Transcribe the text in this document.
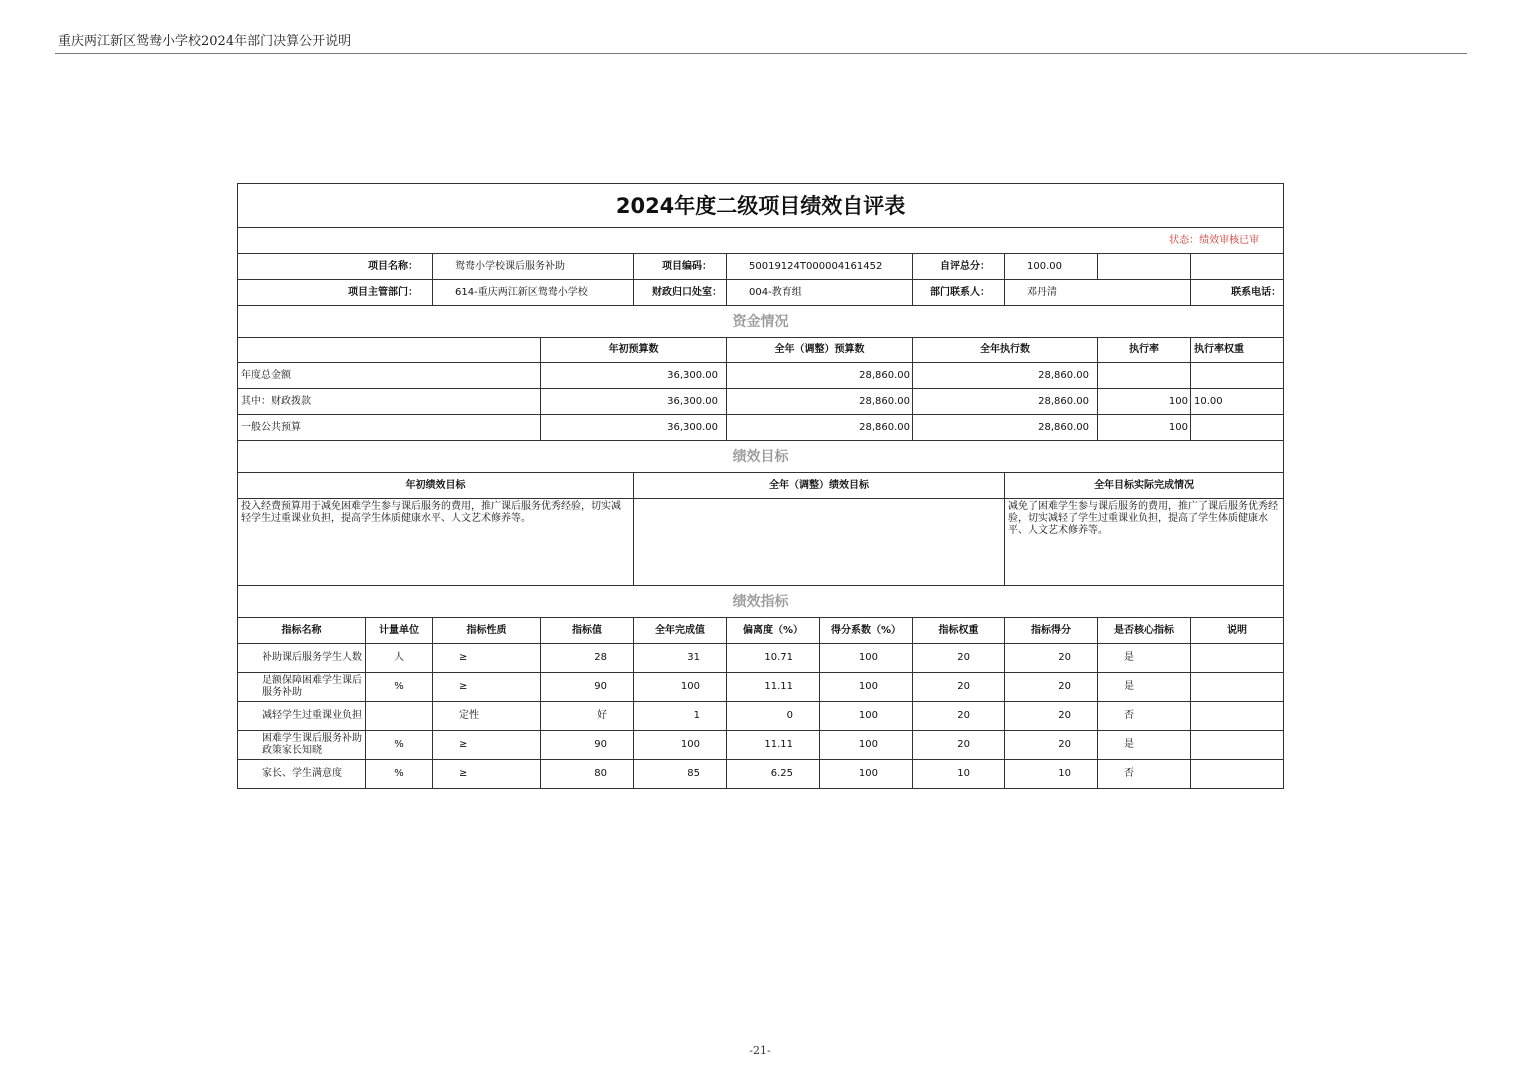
重庆两江新区鸳鸯小学校2024年部门决算公开说明
2024年度二级项目绩效自评表											
状态：绩效审核已审											
项目名称：		鸳鸯小学校课后服务补助		项目编码：	50019124T000004161452		自评总分：	100.00			
项目主管部门：		614-重庆两江新区鸳鸯小学校		财政归口处室：	004-教育组		部门联系人：	邓丹清		联系电话：	
资金情况											
			年初预算数		全年（调整）预算数		全年执行数		执行率	执行率权重	
年度总金额			36,300.00		28,860.00		28,860.00				
其中：财政拨款			36,300.00		28,860.00		28,860.00		100	10.00	
一般公共预算			36,300.00		28,860.00		28,860.00		100		
绩效目标											
年初绩效目标				全年（调整）绩效目标				全年目标实际完成情况			
投入经费预算用于减免困难学生参与课后服务的费用，推广课后服务优秀经验，切实减轻学生过重课业负担，提高学生体质健康水平、人文艺术修养等。								减免了困难学生参与课后服务的费用，推广了课后服务优秀经验，切实减轻了学生过重课业负担，提高了学生体质健康水平、人文艺术修养等。			
绩效指标											
指标名称	计量单位	指标性质	指标值	全年完成值	偏离度（%）	得分系数（%）	指标权重	指标得分	是否核心指标	说明	
补助课后服务学生人数	人	≥	28	31	10.71	100	20	20	是		
足额保障困难学生课后服务补助	%	≥	90	100	11.11	100	20	20	是		
减轻学生过重课业负担		定性	好	1	0	100	20	20	否		
困难学生课后服务补助政策家长知晓	%	≥	90	100	11.11	100	20	20	是		
家长、学生满意度	%	≥	80	85	6.25	100	10	10	否		
-21-
